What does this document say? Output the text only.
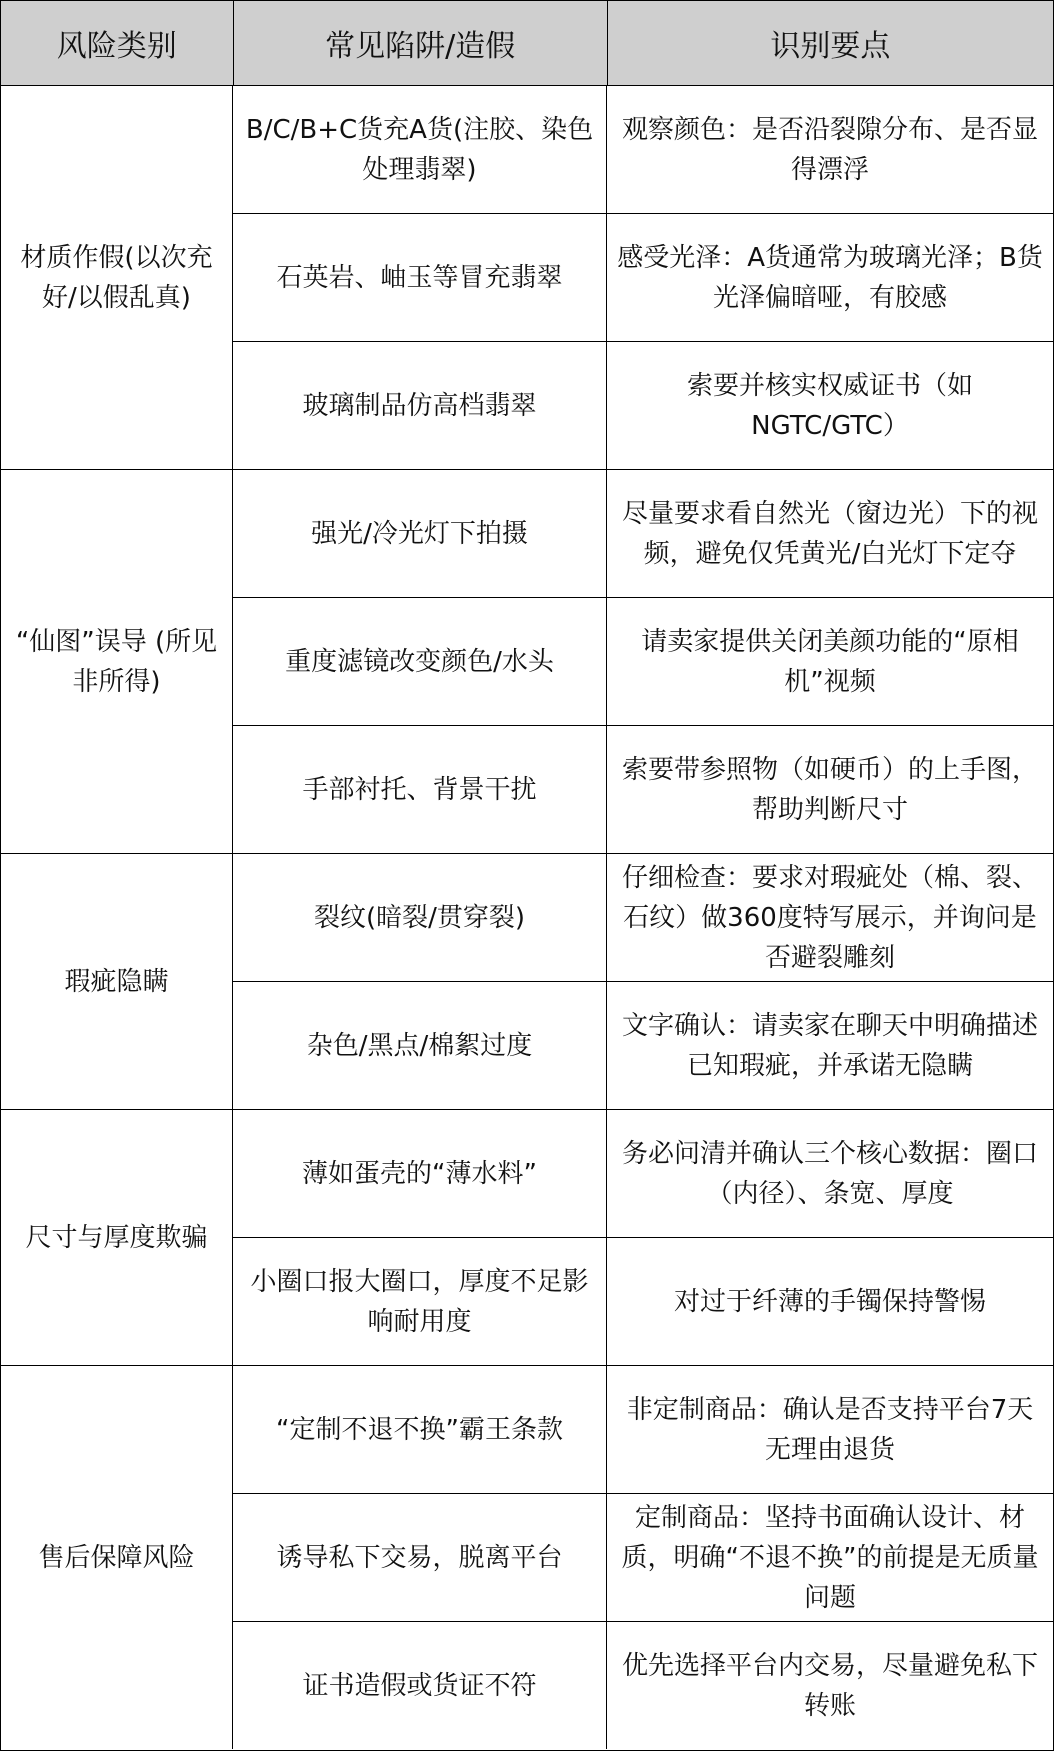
风险类别	常见陷阱/造假	识别要点
材质作假(以次充好/以假乱真)
B/C/B+C货充A货(注胶、染色处理翡翠)
观察颜色：是否沿裂隙分布、是否显得漂浮
石英岩、岫玉等冒充翡翠
感受光泽：A货通常为玻璃光泽；B货光泽偏暗哑，有胶感
玻璃制品仿高档翡翠
索要并核实权威证书（如NGTC/GTC）
“仙图”误导 (所见非所得)
强光/冷光灯下拍摄
尽量要求看自然光（窗边光）下的视频，避免仅凭黄光/白光灯下定夺
重度滤镜改变颜色/水头
请卖家提供关闭美颜功能的“原相机”视频
手部衬托、背景干扰
索要带参照物（如硬币）的上手图，帮助判断尺寸
瑕疵隐瞒
裂纹(暗裂/贯穿裂)
仔细检查：要求对瑕疵处（棉、裂、石纹）做360度特写展示，并询问是否避裂雕刻
杂色/黑点/棉絮过度
文字确认：请卖家在聊天中明确描述已知瑕疵，并承诺无隐瞒
尺寸与厚度欺骗
薄如蛋壳的“薄水料”
务必问清并确认三个核心数据：圈口（内径）、条宽、厚度
小圈口报大圈口，厚度不足影响耐用度
对过于纤薄的手镯保持警惕
售后保障风险
“定制不退不换”霸王条款
非定制商品：确认是否支持平台7天无理由退货
诱导私下交易，脱离平台
定制商品：坚持书面确认设计、材质，明确“不退不换”的前提是无质量问题
证书造假或货证不符
优先选择平台内交易，尽量避免私下转账
